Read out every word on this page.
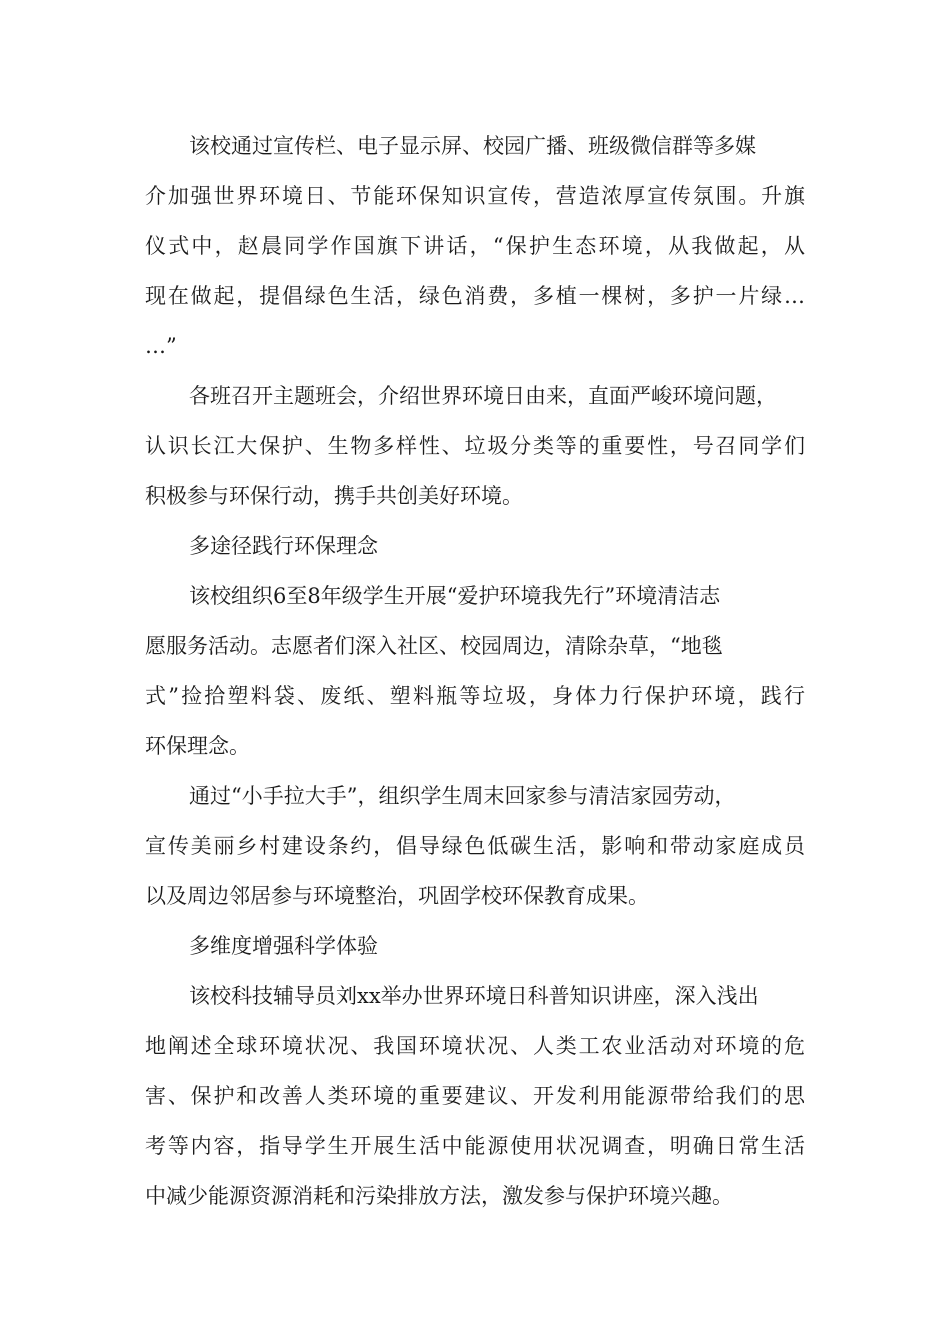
该校通过宣传栏、电子显示屏、校园广播、班级微信群等多媒
介加强世界环境日、节能环保知识宣传，营造浓厚宣传氛围。升旗
仪式中，赵晨同学作国旗下讲话，“保护生态环境，从我做起，从
现在做起，提倡绿色生活，绿色消费，多植一棵树，多护一片绿…
…”
各班召开主题班会，介绍世界环境日由来，直面严峻环境问题，
认识长江大保护、生物多样性、垃圾分类等的重要性，号召同学们
积极参与环保行动，携手共创美好环境。
多途径践行环保理念
该校组织6至8年级学生开展“爱护环境我先行”环境清洁志
愿服务活动。志愿者们深入社区、校园周边，清除杂草，“地毯
式”捡拾塑料袋、废纸、塑料瓶等垃圾，身体力行保护环境，践行
环保理念。
通过“小手拉大手”，组织学生周末回家参与清洁家园劳动，
宣传美丽乡村建设条约，倡导绿色低碳生活，影响和带动家庭成员
以及周边邻居参与环境整治，巩固学校环保教育成果。
多维度增强科学体验
该校科技辅导员刘xx举办世界环境日科普知识讲座，深入浅出
地阐述全球环境状况、我国环境状况、人类工农业活动对环境的危
害、保护和改善人类环境的重要建议、开发利用能源带给我们的思
考等内容，指导学生开展生活中能源使用状况调查，明确日常生活
中减少能源资源消耗和污染排放方法，激发参与保护环境兴趣。
